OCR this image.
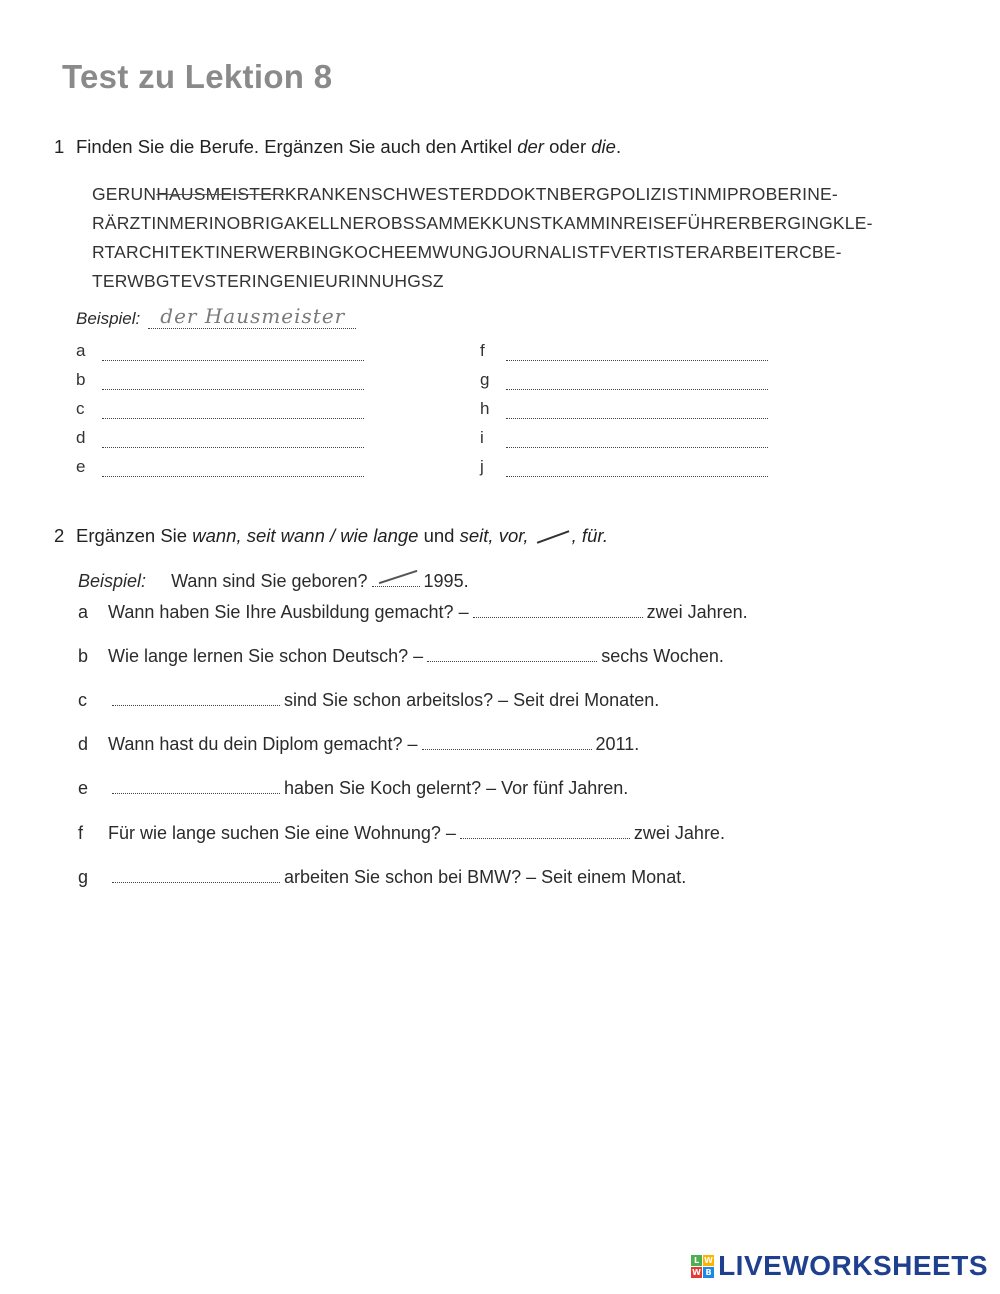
Test zu Lektion 8
1 Finden Sie die Berufe. Ergänzen Sie auch den Artikel der oder die.
GERUNHAUSMEISTERKRANKENSCHWESTERDDOKTNBERGPOLIZISTINMIPROBERINE-
RÄRZTINMERINOBRIGAKELLNEROBSSAMMEKKUNSTKAMMINREISEFÜHRERBERGINGKLE-
RTARCHITEKTINERWERBINGKOCHEEMWUNGJOURNALISTFVERTISTERARBEITERCBE-
TERWBGTEVSTERINGENIEURINNUHGSZ
Beispiel: der Hausmeister
a
b
c
d
e
f
g
h
i
j
2 Ergänzen Sie wann, seit wann / wie lange und seit, vor, , für.
Beispiel: Wann sind Sie geboren?	1995.
a Wann haben Sie Ihre Ausbildung gemacht? –	zwei Jahren.
b Wie lange lernen Sie schon Deutsch? –	sechs Wochen.
c	sind Sie schon arbeitslos? – Seit drei Monaten.
d Wann hast du dein Diplom gemacht? –	2011.
e	haben Sie Koch gelernt? – Vor fünf Jahren.
f Für wie lange suchen Sie eine Wohnung? –	zwei Jahre.
g	arbeiten Sie schon bei BMW? – Seit einem Monat.
L W
W B LIVEWORKSHEETS
